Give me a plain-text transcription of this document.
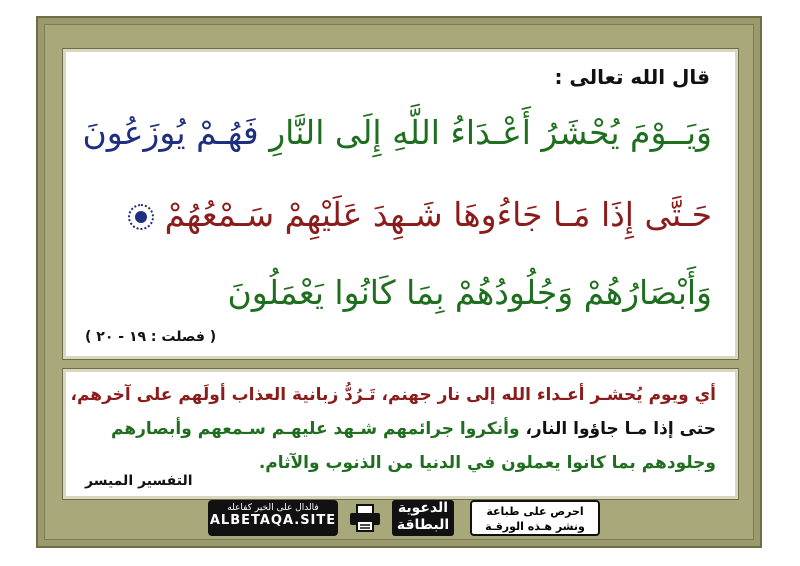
قال الله تعالى :
وَيَــوْمَ يُحْشَرُ أَعْـدَاءُ اللَّهِ إِلَى النَّارِ فَهُـمْ يُوزَعُونَ
حَـتَّى إِذَا مَـا جَاءُوهَا شَـهِدَ عَلَيْهِمْ سَـمْعُهُمْ
وَأَبْصَارُهُمْ وَجُلُودُهُمْ بِمَا كَانُوا يَعْمَلُونَ
( فصلت : ١٩ - ٢٠ )
أي ويوم يُحشـر أعـداء الله إلى نار جهنم، تَـرُدُّ زبانية العذاب أولَهم على آخرهم،
حتى إذا مـا جاؤوا النار، وأنكروا جرائمهم شـهد عليهـم سـمعهم وأبصارهم
وجلودهم بما كانوا يعملون في الدنيا من الذنوب والآثام.
التفسير الميسر
فالدال على الخير كفاعله
ALBETAQA.SITE
الدعوية
البطاقة
احرص على طباعة
ونشر هـذه الورقـة
